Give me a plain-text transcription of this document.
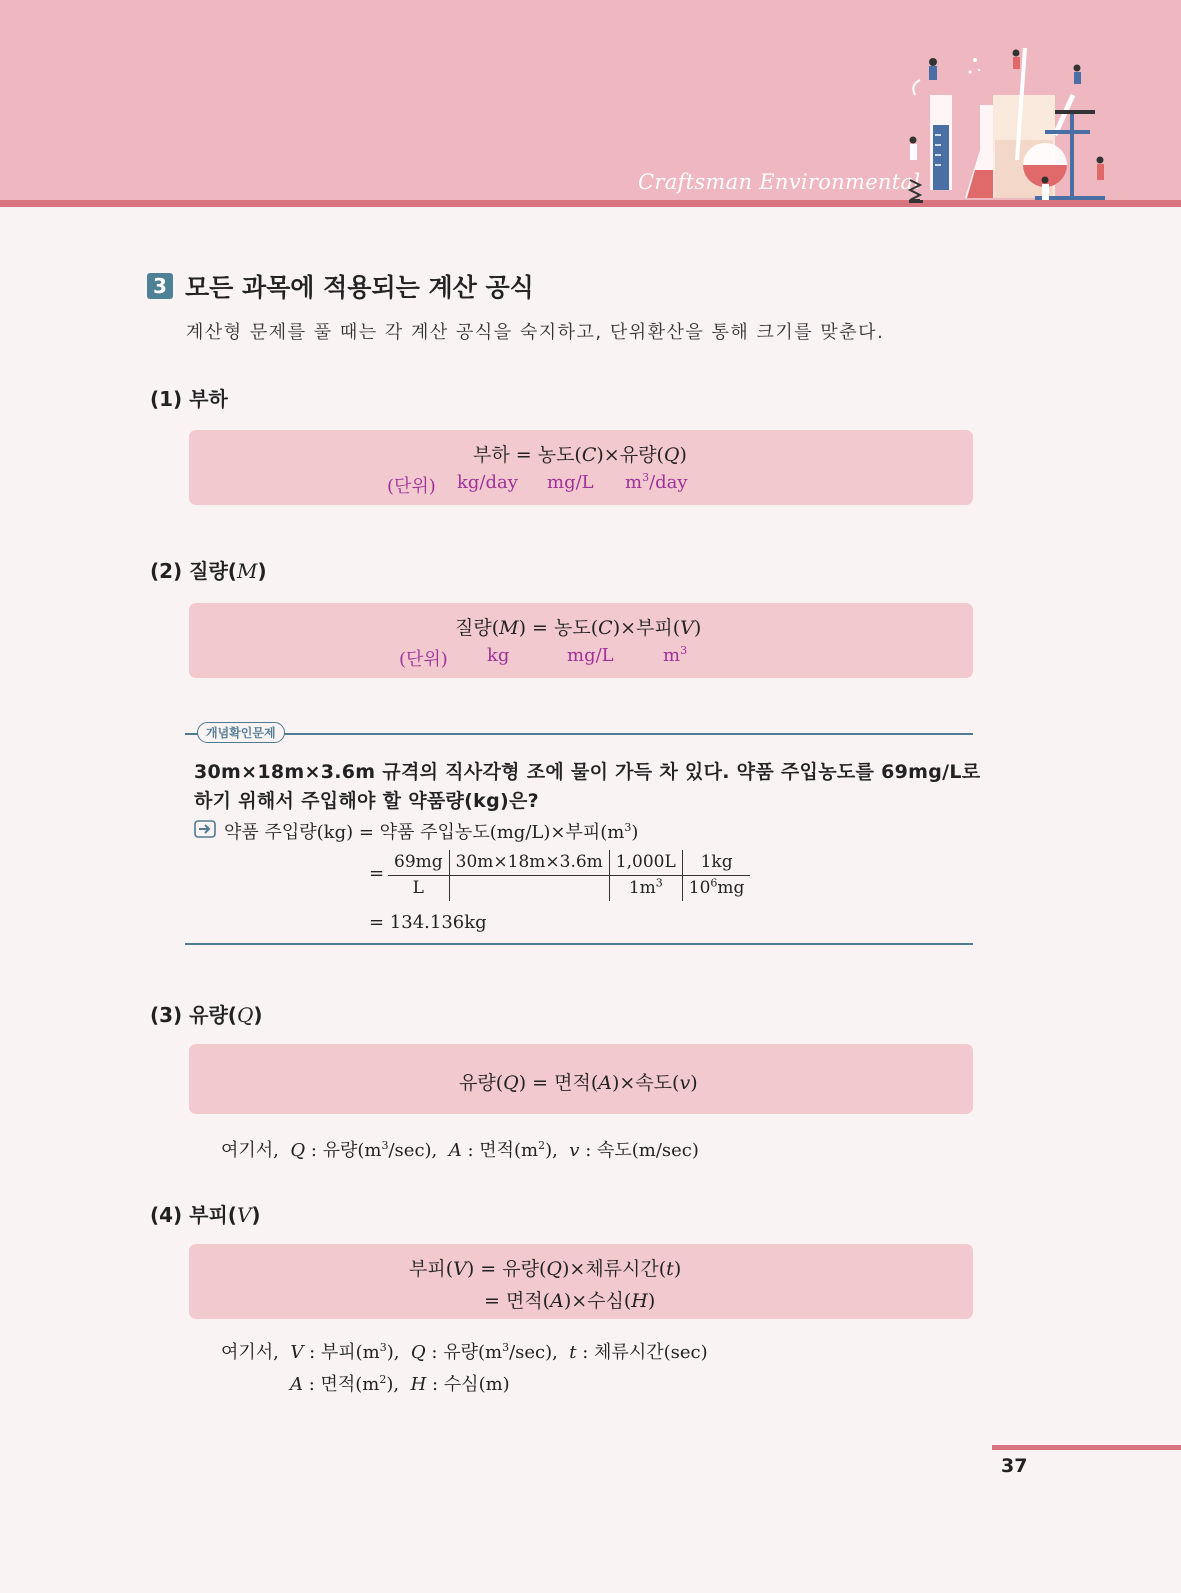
Craftsman Environmental
3 모든 과목에 적용되는 계산 공식
계산형 문제를 풀 때는 각 계산 공식을 숙지하고, 단위환산을 통해 크기를 맞춘다.
(1) 부하
부하 = 농도(C)×유량(Q)
(단위) kg/day mg/L $m^3$/day
(2) 질량(M)
질량(M) = 농도(C)×부피(V)
(단위) kg	mg/L	$m^3$
개념확인문제
30m×18m×3.6m 규격의 직사각형 조에 물이 가득 차 있다. 약품 주입농도를 69mg/L로
하기 위해서 주입해야 할 약품량(kg)은?
약품 주입량(kg) = 약품 주입농도(mg/L)×부피$(m^3)$
=
69mg	30m×18m×3.6m	1,000L	1kg
L		$1m^3$	$10^6mg$
= 134.136kg
(3) 유량(Q)
유량(Q) = 면적(A)×속도(v)
여기서, Q : 유량$(m^3/\sec)$, A : 면적$(m^2)$, v : 속도(m/sec)
(4) 부피(V)
부피(V) = 유량(Q)×체류시간(t)
= 면적(A)×수심(H)
여기서, V : 부피$(m^3)$, Q : 유량$(m^3/\sec)$, t : 체류시간(sec)
A : 면적$(m^2)$, H : 수심(m)
37
